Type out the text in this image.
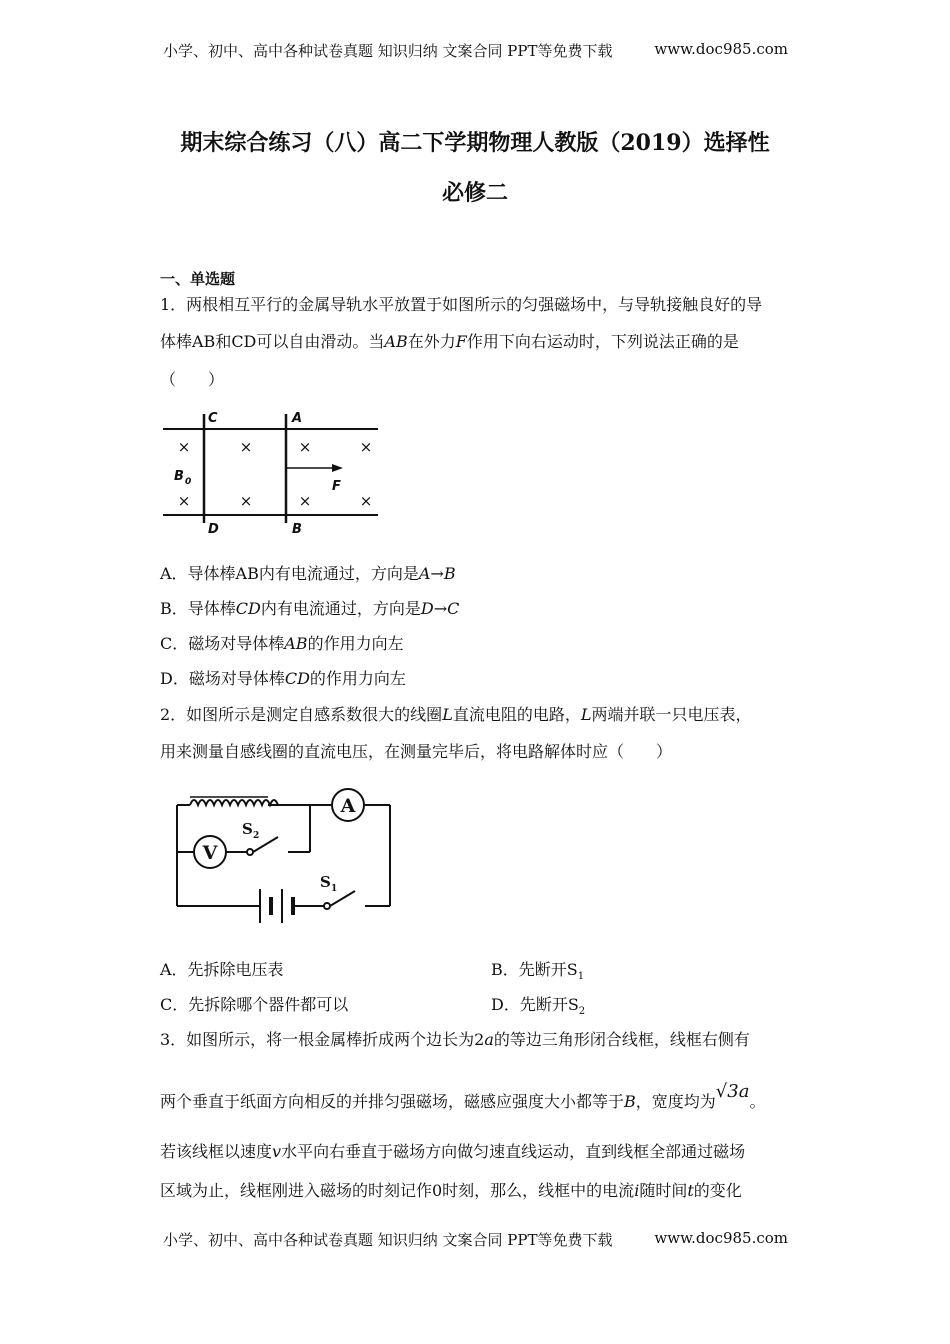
小学、初中、高中各种试卷真题 知识归纳 文案合同 PPT等免费下载	www.doc985.com
期末综合练习（八）高二下学期物理人教版（2019）选择性
必修二
一、单选题
1．两根相互平行的金属导轨水平放置于如图所示的匀强磁场中，与导轨接触良好的导
体棒AB和CD可以自由滑动。当AB在外力F作用下向右运动时，下列说法正确的是
（　　）
×	×	×	×
×	×	×	×
C	A
D	B
F
B 0
A．导体棒AB内有电流通过，方向是A→B
B．导体棒CD内有电流通过，方向是D→C
C．磁场对导体棒AB的作用力向左
D．磁场对导体棒CD的作用力向左
2．如图所示是测定自感系数很大的线圈L直流电阻的电路，L两端并联一只电压表，
用来测量自感线圈的直流电压，在测量完毕后，将电路解体时应（　　）
A
V
S 2
S 1
A．先拆除电压表	B．先断开$S_1$
C．先拆除哪个器件都可以	D．先断开$S_2$
3．如图所示，将一根金属棒折成两个边长为2a的等边三角形闭合线框，线框右侧有
两个垂直于纸面方向相反的并排匀强磁场，磁感应强度大小都等于B，宽度均为√3a。
若该线框以速度v水平向右垂直于磁场方向做匀速直线运动，直到线框全部通过磁场
区域为止，线框刚进入磁场的时刻记作0时刻，那么，线框中的电流i随时间t的变化
小学、初中、高中各种试卷真题 知识归纳 文案合同 PPT等免费下载	www.doc985.com
